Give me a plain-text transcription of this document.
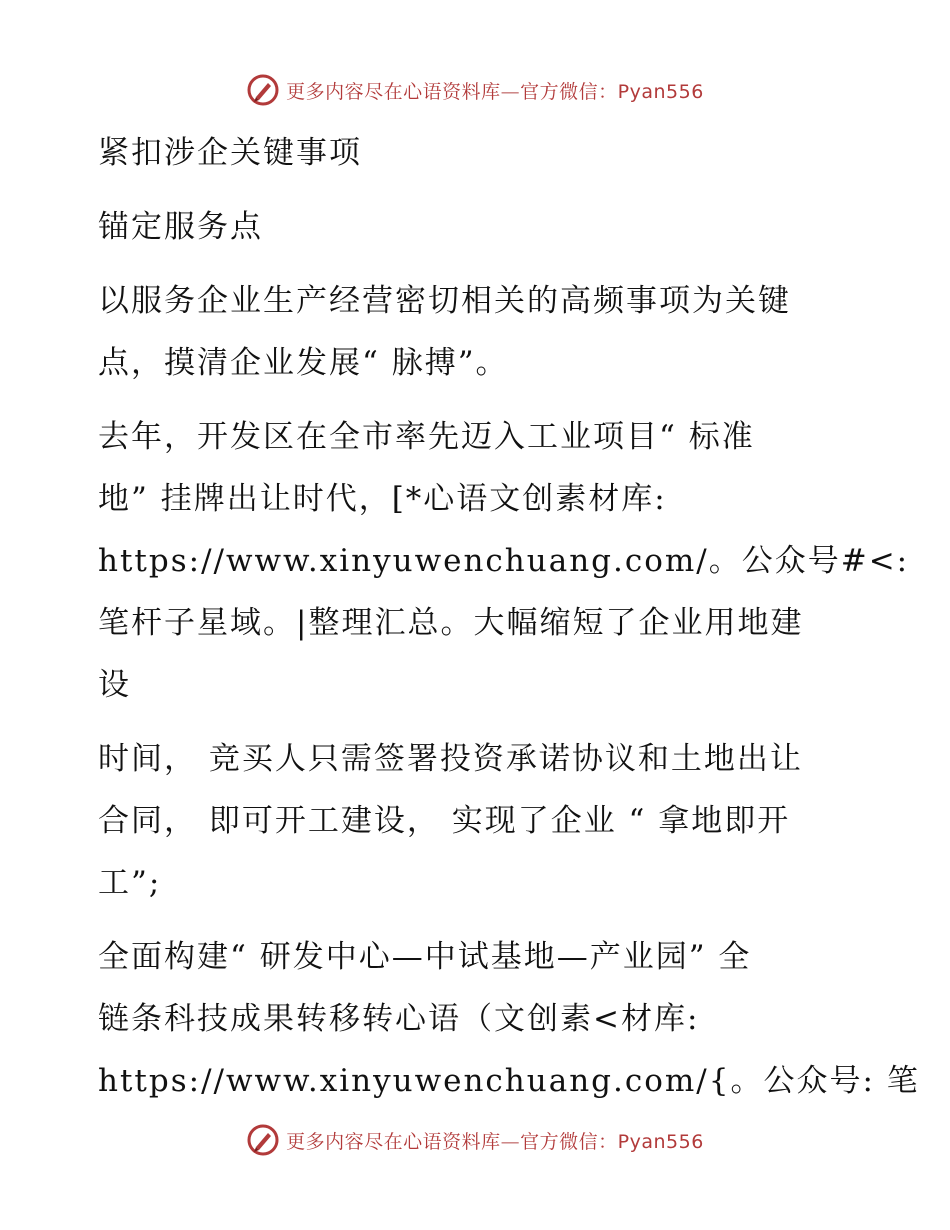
更多内容尽在心语资料库—官方微信：Pyan556

紧扣涉企关键事项

锚定服务点

以服务企业生产经营密切相关的高频事项为关键

点，摸清企业发展“ 脉搏”。

去年，开发区在全市率先迈入工业项目“ 标准

地” 挂牌出让时代，[*心语文创素材库:

https://www.xinyuwenchuang.com/。公众号#<:

笔杆子星域。|整理汇总。大幅缩短了企业用地建

设

时间， 竞买人只需签署投资承诺协议和土地出让

合同， 即可开工建设， 实现了企业 “ 拿地即开

工”;

全面构建“ 研发中心—中试基地—产业园” 全

链条科技成果转移转心语（文创素<材库:

https://www.xinyuwenchuang.com/{。公众号: 笔

更多内容尽在心语资料库—官方微信：Pyan556
